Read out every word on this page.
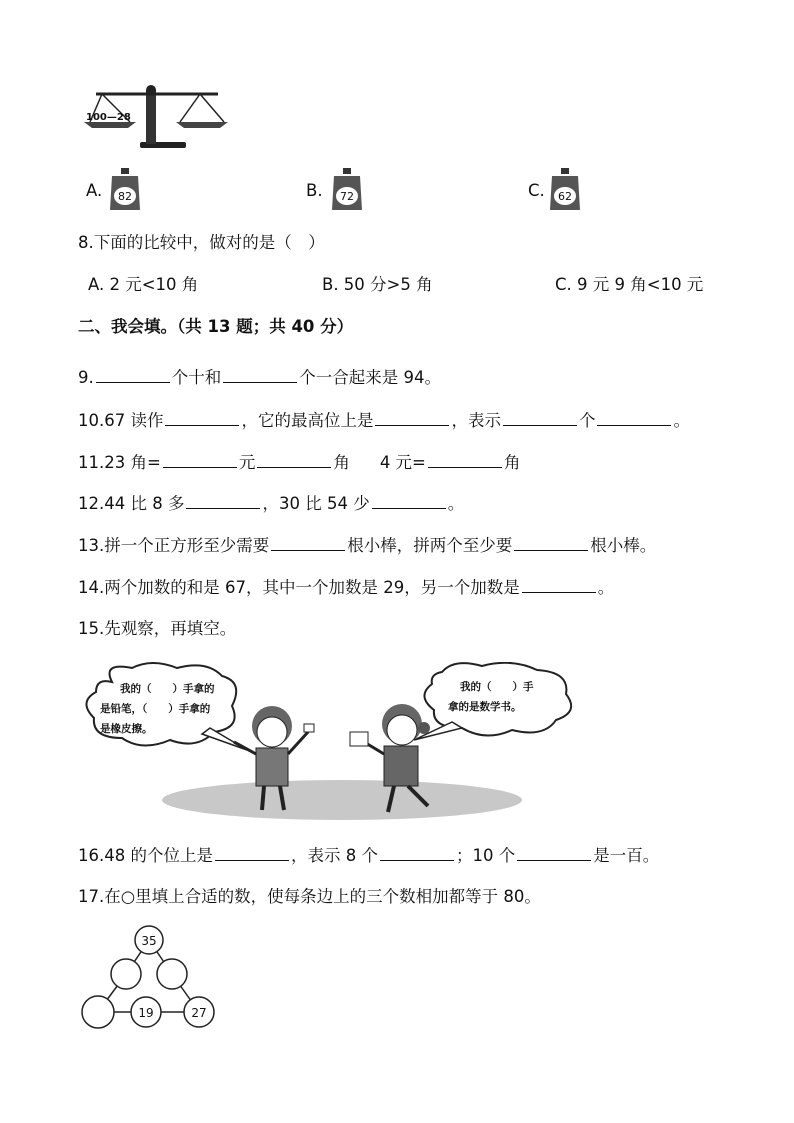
100—28
A. 82	B. 72	C. 62
8.下面的比较中，做对的是（　）
A. 2 元<10 角	B. 50 分>5 角	C. 9 元 9 角<10 元
二、我会填。（共 13 题；共 40 分）
9.	个十和	个一合起来是 94。
10.67 读作	，它的最高位上是	，表示	个	。
11.23 角=	元	角 4 元=	角
12.44 比 8 多	，30 比 54 少	。
13.拼一个正方形至少需要	根小棒，拼两个至少要	根小棒。
14.两个加数的和是 67，其中一个加数是 29，另一个加数是	。
15.先观察，再填空。
我的（　　）手拿的
是铅笔，（　　）手拿的
是橡皮擦。
我的（　　）手
拿的是数学书。
16.48 的个位上是	，表示 8 个	；10 个	是一百。
17.在○里填上合适的数，使每条边上的三个数相加都等于 80。
35
19	27
